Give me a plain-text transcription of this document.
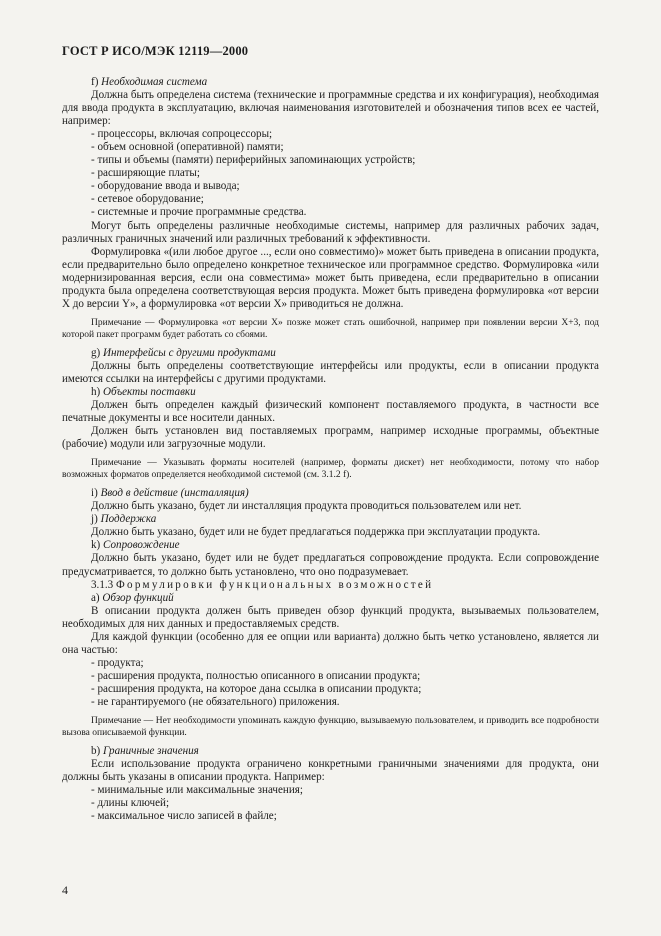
ГОСТ Р ИСО/МЭК 12119—2000

f) Необходимая система

Должна быть определена система (технические и программные средства и их конфигурация), необходимая для ввода продукта в эксплуатацию, включая наименования изготовителей и обозначения типов всех ее частей, например:

- процессоры, включая сопроцессоры;

- объем основной (оперативной) памяти;

- типы и объемы (памяти) периферийных запоминающих устройств;

- расширяющие платы;

- оборудование ввода и вывода;

- сетевое оборудование;

- системные и прочие программные средства.

Могут быть определены различные необходимые системы, например для различных рабочих задач, различных граничных значений или различных требований к эффективности.

Формулировка «(или любое другое ..., если оно совместимо)» может быть приведена в описании продукта, если предварительно было определено конкретное техническое или программное средство. Формулировка «или модернизированная версия, если она совместима» может быть приведена, если предварительно в описании продукта была определена соответствующая версия продукта. Может быть приведена формулировка «от версии X до версии Y», а формулировка «от версии X» приводиться не должна.

Примечание — Формулировка «от версии X» позже может стать ошибочной, например при появлении версии X+3, под которой пакет программ будет работать со сбоями.

g) Интерфейсы с другими продуктами

Должны быть определены соответствующие интерфейсы или продукты, если в описании продукта имеются ссылки на интерфейсы с другими продуктами.

h) Объекты поставки

Должен быть определен каждый физический компонент поставляемого продукта, в частности все печатные документы и все носители данных.

Должен быть установлен вид поставляемых программ, например исходные программы, объектные (рабочие) модули или загрузочные модули.

Примечание — Указывать форматы носителей (например, форматы дискет) нет необходимости, потому что набор возможных форматов определяется необходимой системой (см. 3.1.2 f).

i) Ввод в действие (инсталляция)

Должно быть указано, будет ли инсталляция продукта проводиться пользователем или нет.

j) Поддержка

Должно быть указано, будет или не будет предлагаться поддержка при эксплуатации продукта.

k) Сопровождение

Должно быть указано, будет или не будет предлагаться сопровождение продукта. Если сопровождение предусматривается, то должно быть установлено, что оно подразумевает.

3.1.3 Формулировки функциональных возможностей

a) Обзор функций

В описании продукта должен быть приведен обзор функций продукта, вызываемых пользователем, необходимых для них данных и предоставляемых средств.

Для каждой функции (особенно для ее опции или варианта) должно быть четко установлено, является ли она частью:

- продукта;

- расширения продукта, полностью описанного в описании продукта;

- расширения продукта, на которое дана ссылка в описании продукта;

- не гарантируемого (не обязательного) приложения.

Примечание — Нет необходимости упоминать каждую функцию, вызываемую пользователем, и приводить все подробности вызова описываемой функции.

b) Граничные значения

Если использование продукта ограничено конкретными граничными значениями для продукта, они должны быть указаны в описании продукта. Например:

- минимальные или максимальные значения;

- длины ключей;

- максимальное число записей в файле;

4
